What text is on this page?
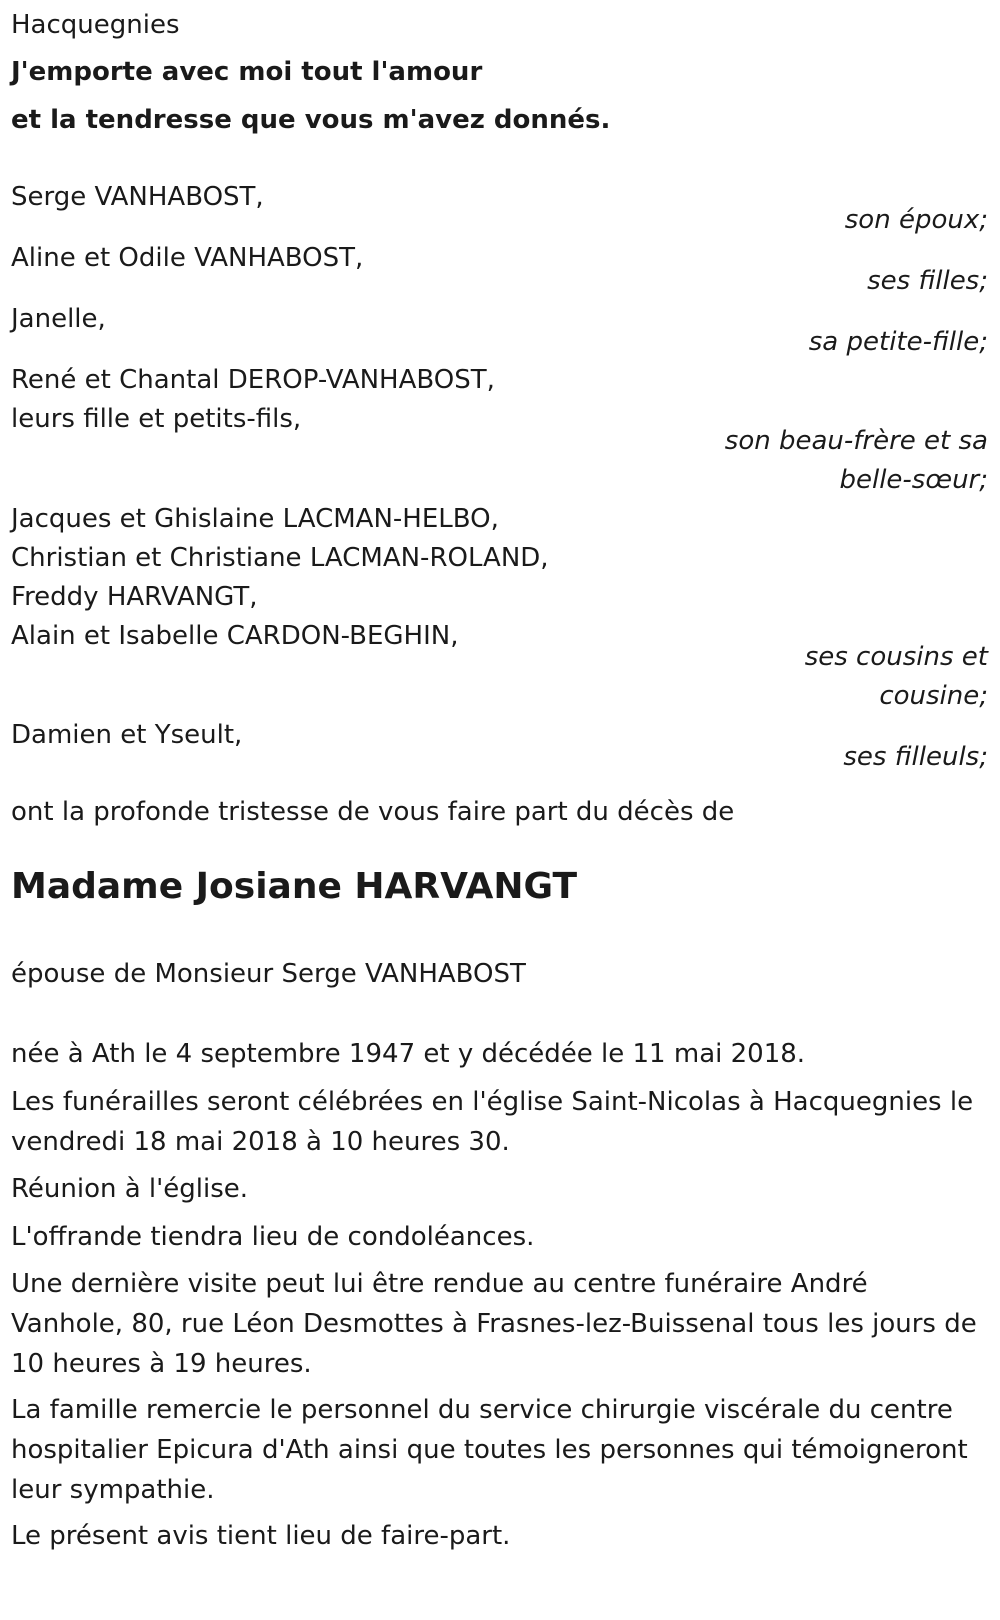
Hacquegnies
J'emporte avec moi tout l'amour
et la tendresse que vous m'avez donnés.
Serge VANHABOST,
son époux;
Aline et Odile VANHABOST,
ses filles;
Janelle,
sa petite-fille;
René et Chantal DEROP-VANHABOST,
leurs fille et petits-fils,
son beau-frère et sa
belle-sœur;
Jacques et Ghislaine LACMAN-HELBO,
Christian et Christiane LACMAN-ROLAND,
Freddy HARVANGT,
Alain et Isabelle CARDON-BEGHIN,
ses cousins et
cousine;
Damien et Yseult,
ses filleuls;
ont la profonde tristesse de vous faire part du décès de
Madame Josiane HARVANGT
épouse de Monsieur Serge VANHABOST
née à Ath le 4 septembre 1947 et y décédée le 11 mai 2018.
Les funérailles seront célébrées en l'église Saint-Nicolas à Hacquegnies le vendredi 18 mai 2018 à 10 heures 30.
Réunion à l'église.
L'offrande tiendra lieu de condoléances.
Une dernière visite peut lui être rendue au centre funéraire André Vanhole, 80, rue Léon Desmottes à Frasnes-lez-Buissenal tous les jours de 10 heures à 19 heures.
La famille remercie le personnel du service chirurgie viscérale du centre hospitalier Epicura d'Ath ainsi que toutes les personnes qui témoigneront leur sympathie.
Le présent avis tient lieu de faire-part.
